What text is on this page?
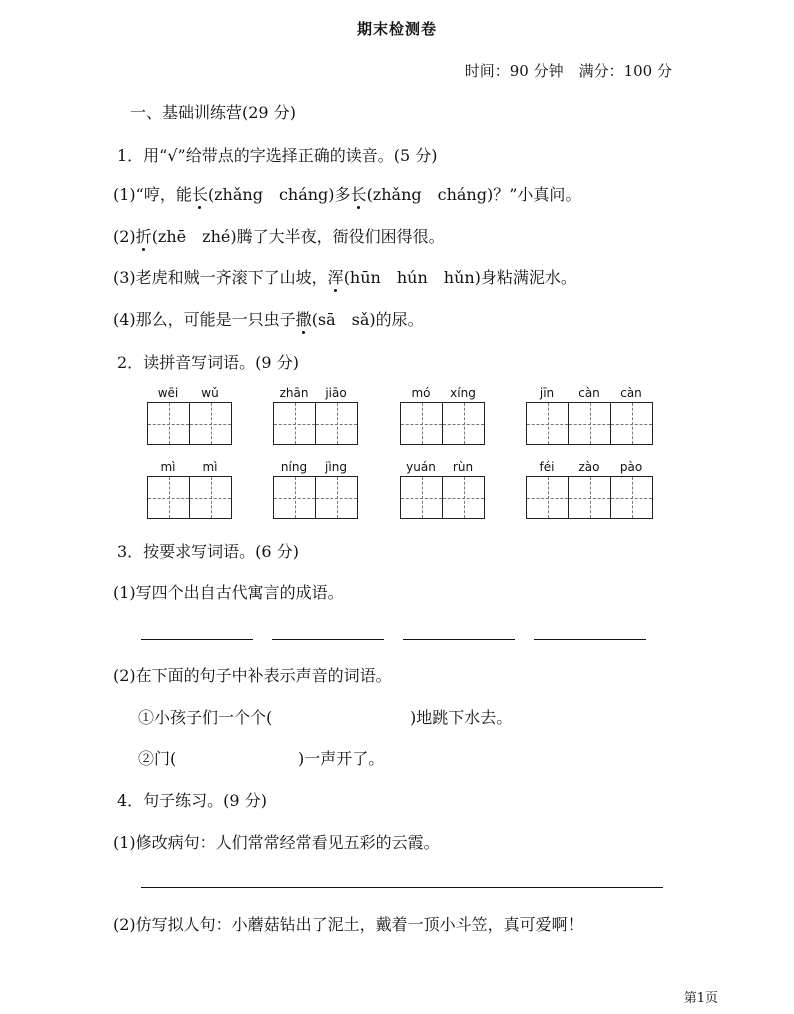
期末检测卷
时间：90 分钟　满分：100 分
一、基础训练营(29 分)
1．用“√”给带点的字选择正确的读音。(5 分)
(1)“哼，能长(zhǎng　cháng)多长(zhǎng　cháng)？”小真问。
(2)折(zhē　zhé)腾了大半夜，衙役们困得很。
(3)老虎和贼一齐滚下了山坡，浑(hūn　hún　hǔn)身粘满泥水。
(4)那么，可能是一只虫子撒(sā　sǎ)的尿。
2．读拼音写词语。(9 分)
wēi	wǔ	zhān	jiāo	mó	xíng	jīn	càn	càn
mì	mì	níng	jìng	yuán	rùn	féi	zào	pào
3．按要求写词语。(6 分)
(1)写四个出自古代寓言的成语。
(2)在下面的句子中补表示声音的词语。
①小孩子们一个个(	)地跳下水去。
②门(	)一声开了。
4．句子练习。(9 分)
(1)修改病句：人们常常经常看见五彩的云霞。
(2)仿写拟人句：小蘑菇钻出了泥土，戴着一顶小斗笠，真可爱啊！
第1页
